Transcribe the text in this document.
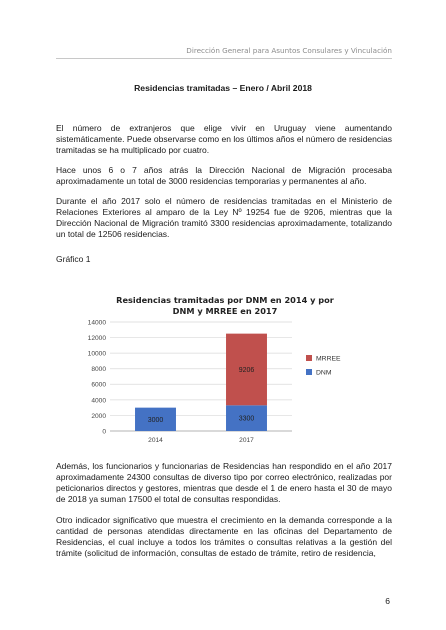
Dirección General para Asuntos Consulares y Vinculación
Residencias tramitadas – Enero / Abril 2018

El número de extranjeros que elige vivir en Uruguay viene aumentando sistemáticamente. Puede observarse como en los últimos años el número de residencias tramitadas se ha multiplicado por cuatro.

Hace unos 6 o 7 años atrás la Dirección Nacional de Migración procesaba aproximadamente un total de 3000 residencias temporarias y permanentes al año.

Durante el año 2017 solo el número de residencias tramitadas en el Ministerio de Relaciones Exteriores al amparo de la Ley Nº 19254 fue de 9206, mientras que la Dirección Nacional de Migración tramitó 3300 residencias aproximadamente, totalizando un total de 12506 residencias.

Gráfico 1
Residencias tramitadas por DNM en 2014 y por DNM y MRREE en 2017
0
2000
4000
6000
8000
10000
12000
14000
3000
2014
3300
9206
2017
MRREE
DNM

Además, los funcionarios y funcionarias de Residencias han respondido en el año 2017 aproximadamente 24300 consultas de diverso tipo por correo electrónico, realizadas por peticionarios directos y gestores, mientras que desde el 1 de enero hasta el 30 de mayo de 2018 ya suman 17500 el total de consultas respondidas.

Otro indicador significativo que muestra el crecimiento en la demanda corresponde a la cantidad de personas atendidas directamente en las oficinas del Departamento de Residencias, el cual incluye a todos los trámites o consultas relativas a la gestión del trámite (solicitud de información, consultas de estado de trámite, retiro de residencia,

6
